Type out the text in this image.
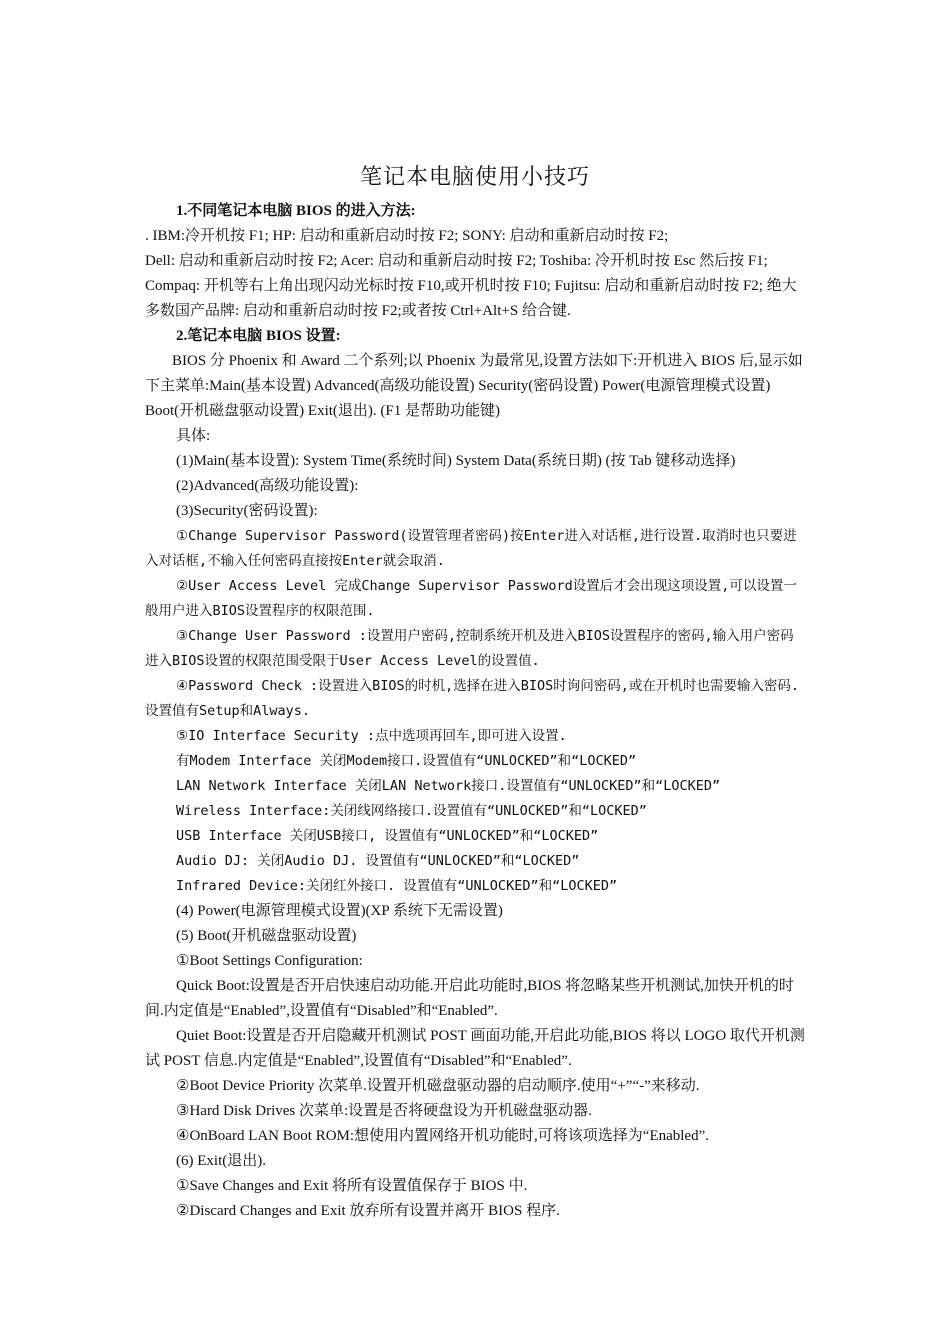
笔记本电脑使用小技巧

1.不同笔记本电脑 BIOS 的进入方法:

. IBM:冷开机按 F1; HP: 启动和重新启动时按 F2; SONY: 启动和重新启动时按 F2;

Dell: 启动和重新启动时按 F2; Acer: 启动和重新启动时按 F2; Toshiba: 冷开机时按 Esc 然后按 F1; Compaq: 开机等右上角出现闪动光标时按 F10,或开机时按 F10; Fujitsu: 启动和重新启动时按 F2; 绝大多数国产品牌: 启动和重新启动时按 F2;或者按 Ctrl+Alt+S 给合键.

2.笔记本电脑 BIOS 设置:

BIOS 分 Phoenix 和 Award 二个系列;以 Phoenix 为最常见,设置方法如下:开机进入 BIOS 后,显示如下主菜单:Main(基本设置) Advanced(高级功能设置) Security(密码设置) Power(电源管理模式设置) Boot(开机磁盘驱动设置) Exit(退出). (F1 是帮助功能键)

具体:

(1)Main(基本设置): System Time(系统时间) System Data(系统日期) (按 Tab 键移动选择)

(2)Advanced(高级功能设置):

(3)Security(密码设置):

①Change Supervisor Password(设置管理者密码)按Enter进入对话框,进行设置.取消时也只要进入对话框,不输入任何密码直接按Enter就会取消.

②User Access Level 完成Change Supervisor Password设置后才会出现这项设置,可以设置一般用户进入BIOS设置程序的权限范围.

③Change User Password :设置用户密码,控制系统开机及进入BIOS设置程序的密码,输入用户密码进入BIOS设置的权限范围受限于User Access Level的设置值.

④Password Check :设置进入BIOS的时机,选择在进入BIOS时询问密码,或在开机时也需要输入密码.设置值有Setup和Always.

⑤IO Interface Security :点中选项再回车,即可进入设置.

有Modem Interface 关闭Modem接口.设置值有“UNLOCKED”和“LOCKED”

LAN Network Interface 关闭LAN Network接口.设置值有“UNLOCKED”和“LOCKED”

Wireless Interface:关闭线网络接口.设置值有“UNLOCKED”和“LOCKED”

USB Interface 关闭USB接口, 设置值有“UNLOCKED”和“LOCKED”

Audio DJ: 关闭Audio DJ. 设置值有“UNLOCKED”和“LOCKED”

Infrared Device:关闭红外接口. 设置值有“UNLOCKED”和“LOCKED”

(4) Power(电源管理模式设置)(XP 系统下无需设置)

(5) Boot(开机磁盘驱动设置)

①Boot Settings Configuration:

Quick Boot:设置是否开启快速启动功能.开启此功能时,BIOS 将忽略某些开机测试,加快开机的时间.内定值是“Enabled”,设置值有“Disabled”和“Enabled”.

Quiet Boot:设置是否开启隐藏开机测试 POST 画面功能,开启此功能,BIOS 将以 LOGO 取代开机测试 POST 信息.内定值是“Enabled”,设置值有“Disabled”和“Enabled”.

②Boot Device Priority 次菜单.设置开机磁盘驱动器的启动顺序.使用“+”“-”来移动.

③Hard Disk Drives 次菜单:设置是否将硬盘设为开机磁盘驱动器.

④OnBoard LAN Boot ROM:想使用内置网络开机功能时,可将该项选择为“Enabled”.

(6) Exit(退出).

①Save Changes and Exit 将所有设置值保存于 BIOS 中.

②Discard Changes and Exit 放弃所有设置并离开 BIOS 程序.
